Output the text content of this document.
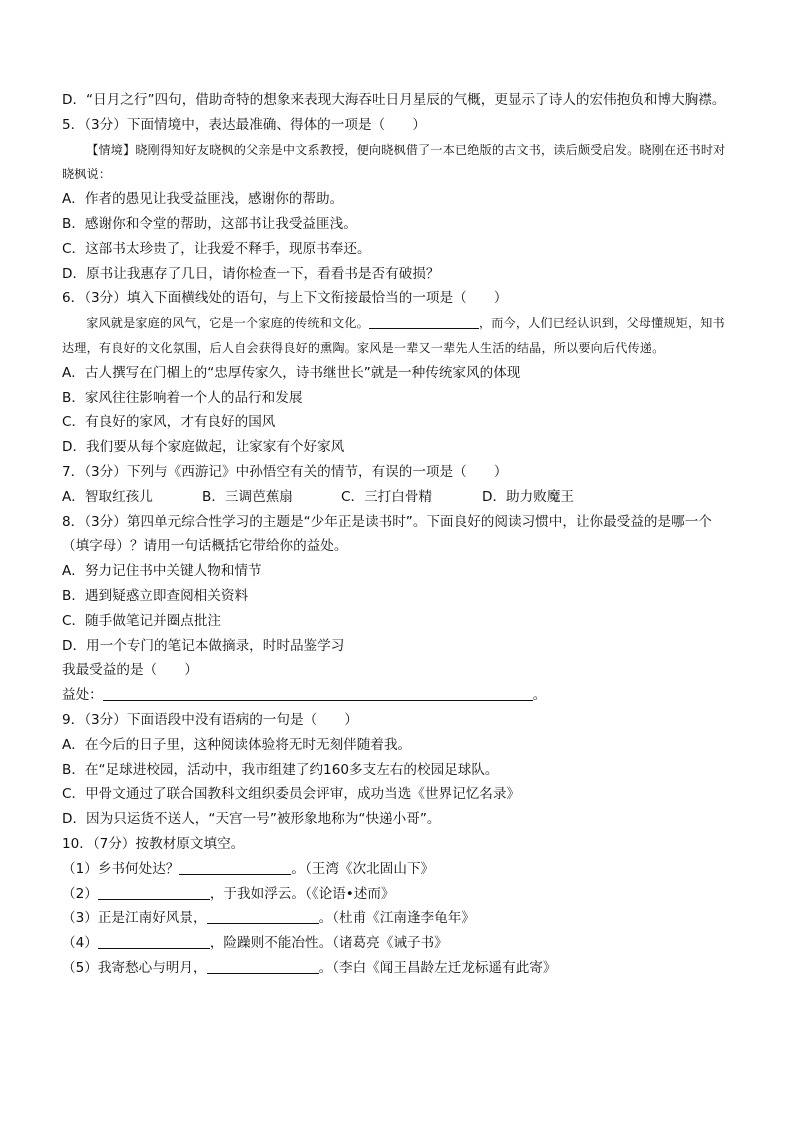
D．“日月之行”四句，借助奇特的想象来表现大海吞吐日月星辰的气概，更显示了诗人的宏伟抱负和博大胸襟。

5．（3分）下面情境中，表达最准确、得体的一项是（　　）

【情境】晓刚得知好友晓枫的父亲是中文系教授，便向晓枫借了一本已绝版的古文书，读后颇受启发。晓刚在还书时对晓枫说：

A．作者的愚见让我受益匪浅，感谢你的帮助。

B．感谢你和令堂的帮助，这部书让我受益匪浅。

C．这部书太珍贵了，让我爱不释手，现原书奉还。

D．原书让我惠存了几日，请你检查一下，看看书是否有破损？

6．（3分）填入下面横线处的语句，与上下文衔接最恰当的一项是（　　）

家风就是家庭的风气，它是一个家庭的传统和文化。	，而今，人们已经认识到，父母懂规矩，知书达理，有良好的文化氛围，后人自会获得良好的熏陶。家风是一辈又一辈先人生活的结晶，所以要向后代传递。

A．古人撰写在门楣上的“忠厚传家久，诗书继世长”就是一种传统家风的体现

B．家风往往影响着一个人的品行和发展

C．有良好的家风，才有良好的国风

D．我们要从每个家庭做起，让家家有个好家风

7．（3分）下列与《西游记》中孙悟空有关的情节，有误的一项是（　　）

A．智取红孩儿	B．三调芭蕉扇	C．三打白骨精	D．助力败魔王

8．（3分）第四单元综合性学习的主题是“少年正是读书时”。下面良好的阅读习惯中，让你最受益的是哪一个（填字母）？请用一句话概括它带给你的益处。

A．努力记住书中关键人物和情节

B．遇到疑惑立即查阅相关资料

C．随手做笔记并圈点批注

D．用一个专门的笔记本做摘录，时时品鉴学习

我最受益的是（　　）

益处：	。

9．（3分）下面语段中没有语病的一句是（　　）

A．在今后的日子里，这种阅读体验将无时无刻伴随着我。

B．在“足球进校园，活动中，我市组建了约160多支左右的校园足球队。

C．甲骨文通过了联合国教科文组织委员会评审，成功当选《世界记忆名录》

D．因为只运货不送人，“天宫一号”被形象地称为“快递小哥”。

10．（7分）按教材原文填空。

（1）乡书何处达？	。（王湾《次北固山下》

（2）	，于我如浮云。（《论语•述而》

（3）正是江南好风景，	。（杜甫《江南逢李龟年》

（4）	，险躁则不能冶性。（诸葛亮《诫子书》

（5）我寄愁心与明月，	。（李白《闻王昌龄左迁龙标遥有此寄》
